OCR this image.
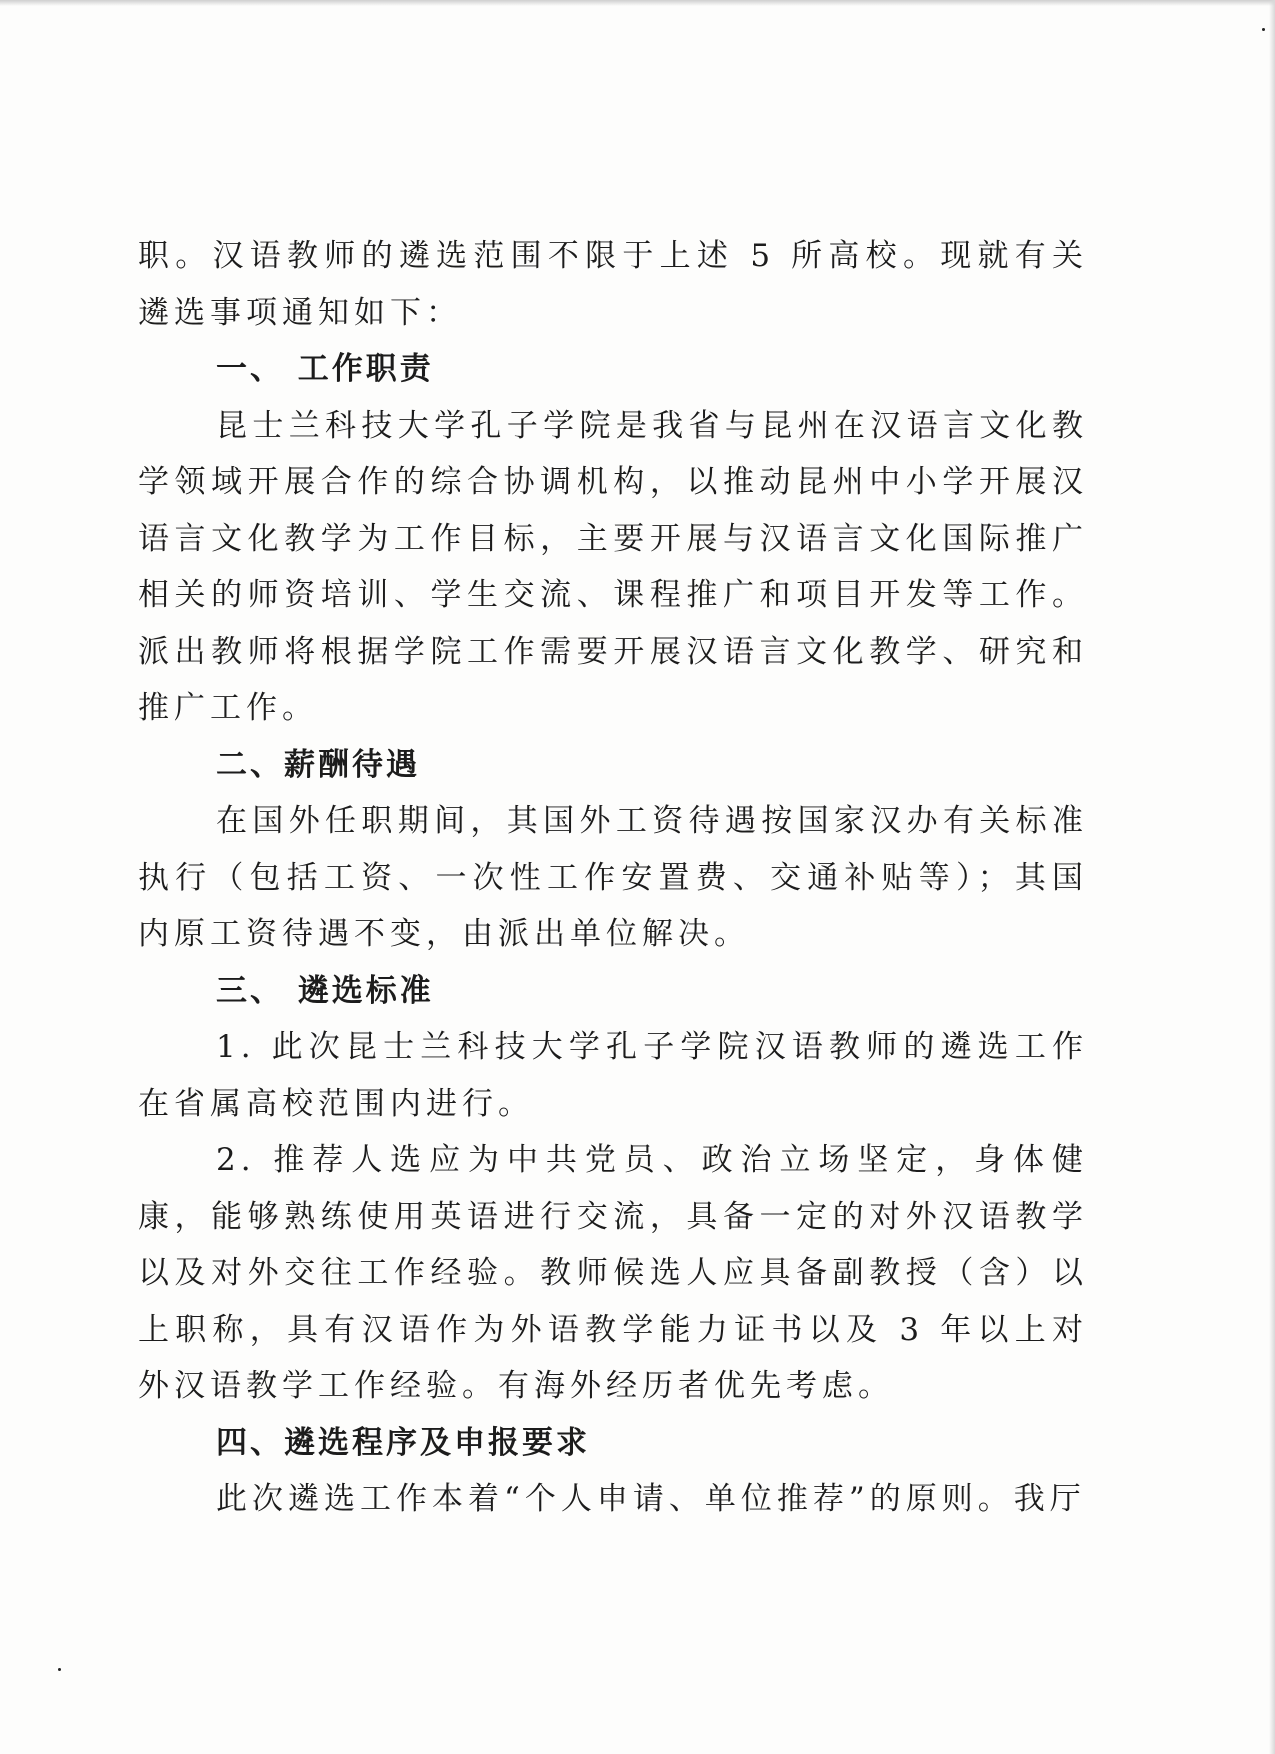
职。汉语教师的遴选范围不限于上述 5 所高校。现就有关遴选事项通知如下：

一、 工作职责

昆士兰科技大学孔子学院是我省与昆州在汉语言文化教学领域开展合作的综合协调机构，以推动昆州中小学开展汉语言文化教学为工作目标，主要开展与汉语言文化国际推广相关的师资培训、学生交流、课程推广和项目开发等工作。派出教师将根据学院工作需要开展汉语言文化教学、研究和推广工作。

二、薪酬待遇

在国外任职期间，其国外工资待遇按国家汉办有关标准执行（包括工资、一次性工作安置费、交通补贴等）；其国内原工资待遇不变，由派出单位解决。

三、 遴选标准

1. 此次昆士兰科技大学孔子学院汉语教师的遴选工作在省属高校范围内进行。

2. 推荐人选应为中共党员、政治立场坚定，身体健康，能够熟练使用英语进行交流，具备一定的对外汉语教学以及对外交往工作经验。教师候选人应具备副教授（含）以上职称，具有汉语作为外语教学能力证书以及 3 年以上对外汉语教学工作经验。有海外经历者优先考虑。

四、遴选程序及申报要求

此次遴选工作本着“个人申请、单位推荐”的原则。我厅
